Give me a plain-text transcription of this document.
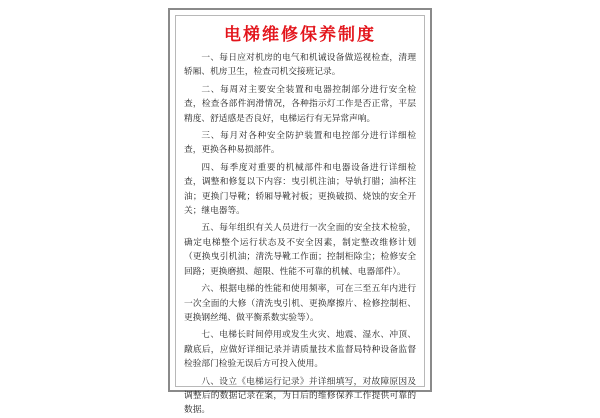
电梯维修保养制度

一、每日应对机房的电气和机诫设备做巡视检查，清理轿厢、机房卫生，检查司机交接班记录。

二、每周对主要安全装置和电器控制部分进行安全检查，检查各部件润滑情况，各种指示灯工作是否正常，平层精度、舒适感是否良好，电梯运行有无异常声响。

三、每月对各种安全防护装置和电控部分进行详细检查，更换各种易损部件。

四、每季度对重要的机械部件和电器设备进行详细检查，调整和修复以下内容：曳引机注油；导轨打腊；油杯注油；更换门导靴；轿厢导靴衬板；更换破损、烧蚀的安全开关；继电器等。

五、每年组织有关人员进行一次全面的安全技术检验，确定电梯整个运行状态及不安全因素，制定整改维修计划（更换曳引机油；清洗导靴工作面；控制柜除尘；检修安全回路；更换磨损、超限、性能不可靠的机械、电器部件）。

六、根据电梯的性能和使用频率，可在三至五年内进行一次全面的大修（清洗曳引机、更换摩擦片、检修控制柜、更换钢丝绳、做平衡系数实验等）。

七、电梯长时间停用或发生火灾、地震、湿水、冲顶、蹾底后，应做好详细记录并请质量技术监督局特种设备监督检验部门检验无误后方可投入使用。

八、设立《电梯运行记录》并详细填写，对故障原因及调整后的数据记录在案，为日后的维修保养工作提供可靠的数据。
